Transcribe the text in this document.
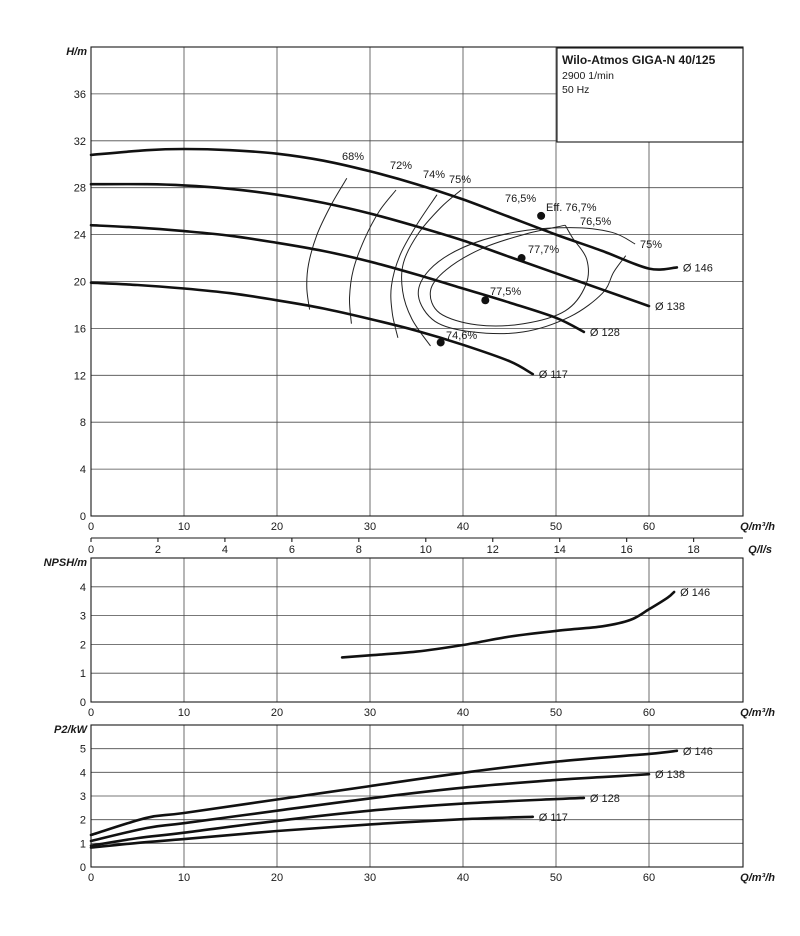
0	10	20	30	40	50	60
0
4
8
12
16
20
24
28
32
36
H/m
Q/m³/h
0	2	4	6	8	10	12	14	16	18	Q/l/s
68%
72%
74% 75%
76,5%
76,5%
75%
Ø 146
Ø 138
Ø 128
Ø 117
Eff. 76,7%
77,7%
77,5%
74,6%
0	10	20	30	40	50	60
0
1
2
3
4
NPSH/m
Q/m³/h
Ø 146
0	10	20	30	40	50	60
0
1
2
3
4
5
P2/kW
Q/m³/h
Ø 146
Ø 138
Ø 128
Ø 117
Wilo-Atmos GIGA-N 40/125
2900 1/min
50 Hz
